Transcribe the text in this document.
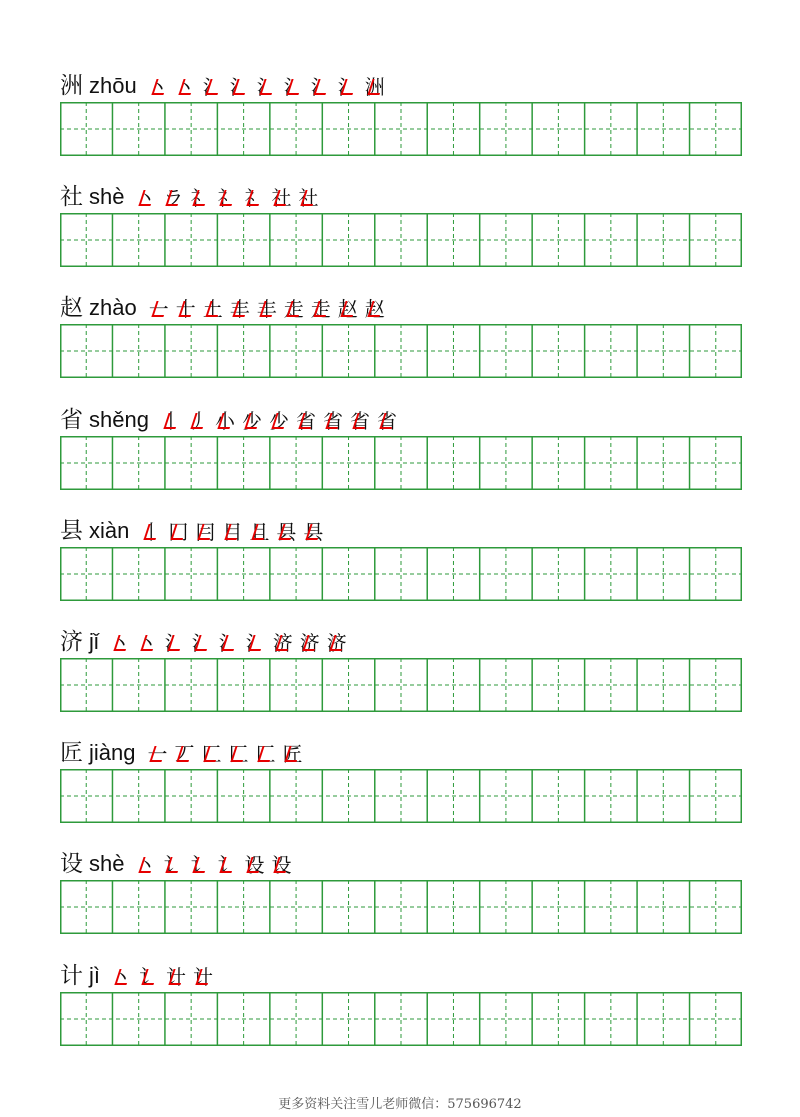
洲 zhōu 丶 丶 氵 氵 氵 氵 氵 氵 洲
社 shè 丶 ラ 礻 礻 礻 社 社
赵 zhào 一 十 土 丰 丰 走 走 赵 赵
省 shěng 丨 丿 小 少 少 省 省 省 省
县 xiàn 丨 冂 冃 目 且 县 县
济 jǐ 丶 丶 氵 氵 氵 氵 济 济 济
匠 jiàng 一 丆 匚 匚 匚 匠
设 shè 丶 讠 讠 讠 设 设
计 jì 丶 讠 计 计
更多资料关注雪儿老师微信：575696742
